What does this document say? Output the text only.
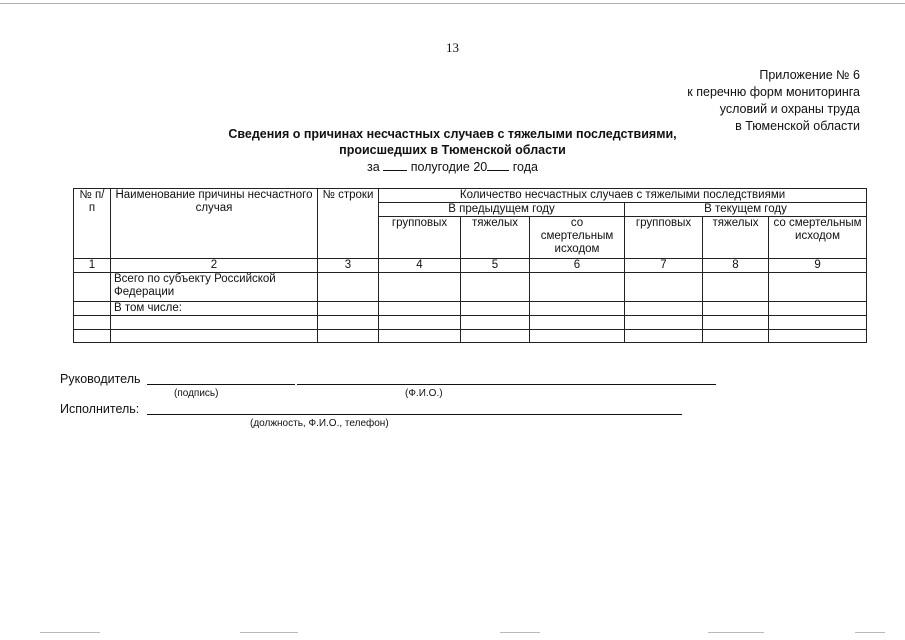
13
Приложение № 6
к перечню форм мониторинга
условий и охраны труда
в Тюменской области
Сведения о причинах несчастных случаев с тяжелыми последствиями,
происшедших в Тюменской области
за полугодие 20 года
№ п/п	Наименование причины несчастного случая	№ строки	Количество несчастных случаев с тяжелыми последствиями					
			В предыдущем году			В текущем году		
			групповых	тяжелых	со смертельным исходом	групповых	тяжелых	со смертельным исходом
1	2	3	4	5	6	7	8	9
	Всего по субъекту Российской Федерации							
	В том числе:							

Руководитель
(подпись)	(Ф.И.О.)
Исполнитель:
(должность, Ф.И.О., телефон)
